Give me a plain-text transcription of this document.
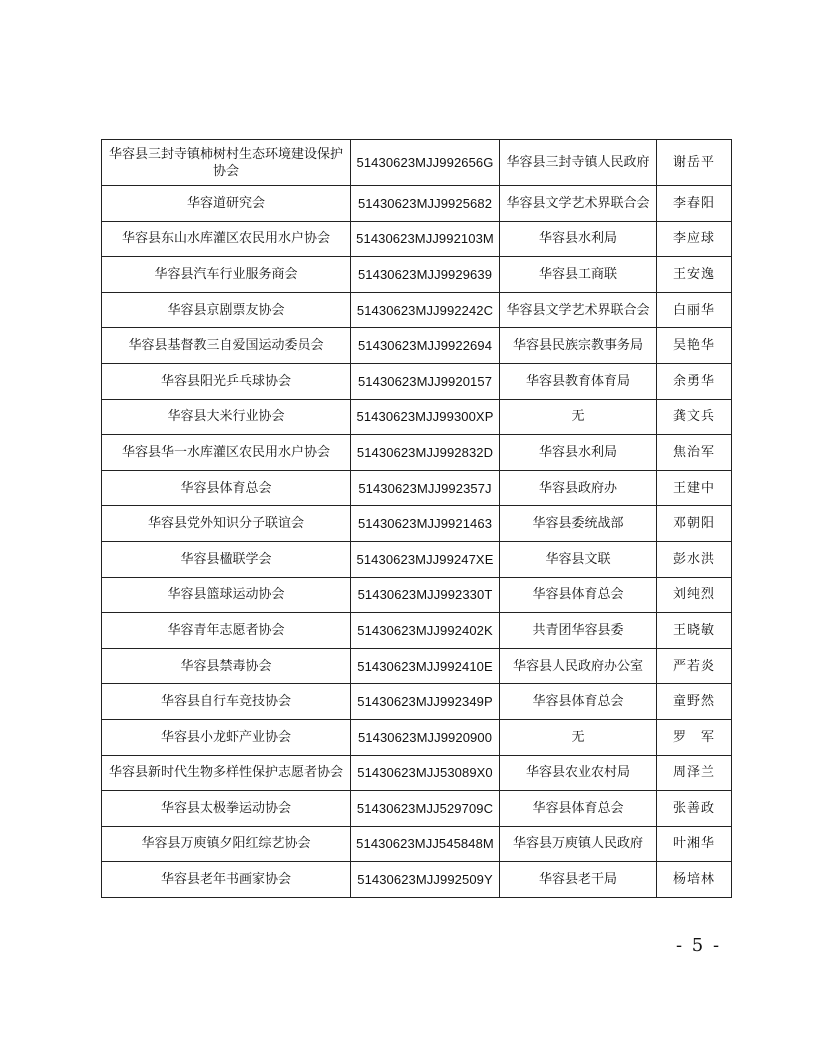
华容县三封寺镇柿树村生态环境建设保护协会	51430623MJJ992656G	华容县三封寺镇人民政府	谢岳平
华容道研究会	51430623MJJ9925682	华容县文学艺术界联合会	李春阳
华容县东山水库灌区农民用水户协会	51430623MJJ992103M	华容县水利局	李应球
华容县汽车行业服务商会	51430623MJJ9929639	华容县工商联	王安逸
华容县京剧票友协会	51430623MJJ992242C	华容县文学艺术界联合会	白丽华
华容县基督教三自爱国运动委员会	51430623MJJ9922694	华容县民族宗教事务局	吴艳华
华容县阳光乒乓球协会	51430623MJJ9920157	华容县教育体育局	余勇华
华容县大米行业协会	51430623MJJ99300XP	无	龚文兵
华容县华一水库灌区农民用水户协会	51430623MJJ992832D	华容县水利局	焦治军
华容县体育总会	51430623MJJ992357J	华容县政府办	王建中
华容县党外知识分子联谊会	51430623MJJ9921463	华容县委统战部	邓朝阳
华容县楹联学会	51430623MJJ99247XE	华容县文联	彭水洪
华容县篮球运动协会	51430623MJJ992330T	华容县体育总会	刘纯烈
华容青年志愿者协会	51430623MJJ992402K	共青团华容县委	王晓敏
华容县禁毒协会	51430623MJJ992410E	华容县人民政府办公室	严若炎
华容县自行车竞技协会	51430623MJJ992349P	华容县体育总会	童野然
华容县小龙虾产业协会	51430623MJJ9920900	无	罗　军
华容县新时代生物多样性保护志愿者协会	51430623MJJ53089X0	华容县农业农村局	周泽兰
华容县太极拳运动协会	51430623MJJ529709C	华容县体育总会	张善政
华容县万庾镇夕阳红综艺协会	51430623MJJ545848M	华容县万庾镇人民政府	叶湘华
华容县老年书画家协会	51430623MJJ992509Y	华容县老干局	杨培林
- 5 -
